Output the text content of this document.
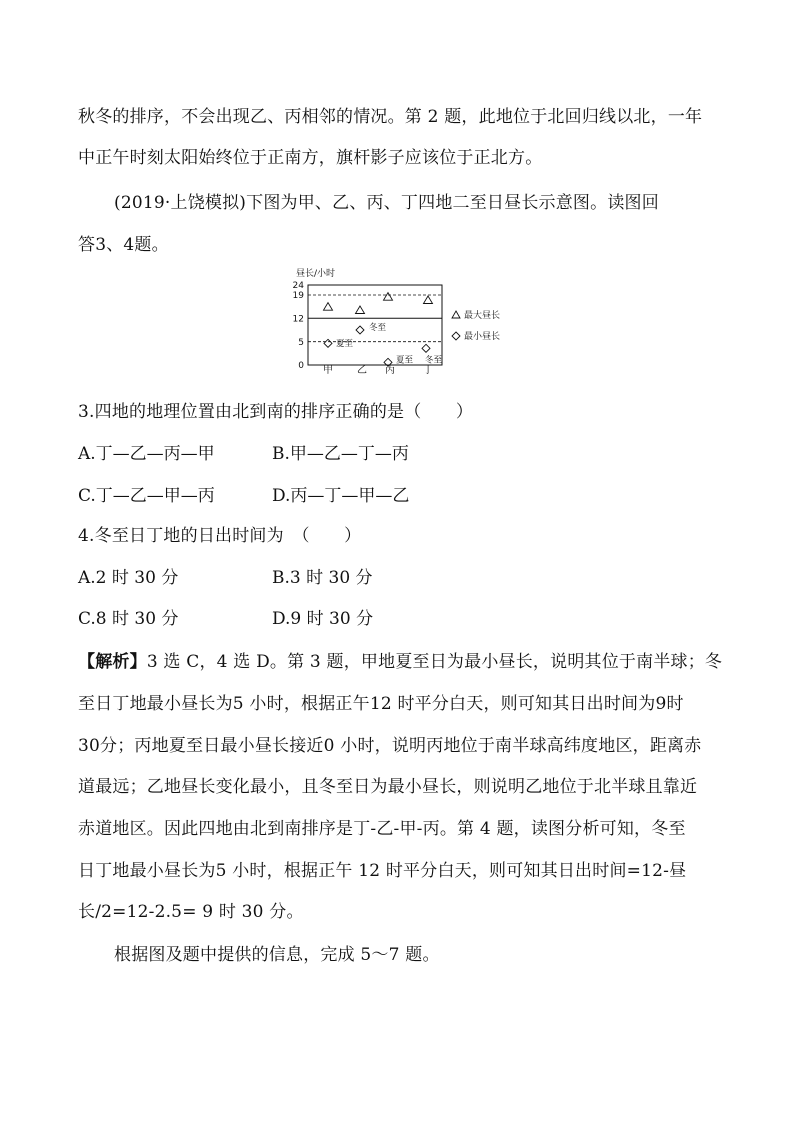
秋冬的排序，不会出现乙、丙相邻的情况。第 2 题，此地位于北回归线以北，一年
中正午时刻太阳始终位于正南方，旗杆影子应该位于正北方。
(2019·上饶模拟)下图为甲、乙、丙、丁四地二至日昼长示意图。读图回
答3、4题。
昼长/小时
24
19
12
5
0 甲 乙 丙	丁
夏至
冬至
夏至 冬至
最大昼长
最小昼长
3.四地的地理位置由北到南的排序正确的是（　　）
A.丁—乙—丙—甲	B.甲—乙—丁—丙
C.丁—乙—甲—丙	D.丙—丁—甲—乙
4.冬至日丁地的日出时间为　（　　）
A.2 时 30 分	B.3 时 30 分
C.8 时 30 分	D.9 时 30 分
【解析】3 选 C，4 选 D。第 3 题，甲地夏至日为最小昼长，说明其位于南半球；冬
至日丁地最小昼长为5 小时，根据正午12 时平分白天，则可知其日出时间为9时
30分；丙地夏至日最小昼长接近0 小时，说明丙地位于南半球高纬度地区，距离赤
道最远；乙地昼长变化最小，且冬至日为最小昼长，则说明乙地位于北半球且靠近
赤道地区。因此四地由北到南排序是丁-乙-甲-丙。第 4 题，读图分析可知，冬至
日丁地最小昼长为5 小时，根据正午 12 时平分白天，则可知其日出时间=12-昼
长/2=12-2.5= 9 时 30 分。
根据图及题中提供的信息，完成 5～7 题。
